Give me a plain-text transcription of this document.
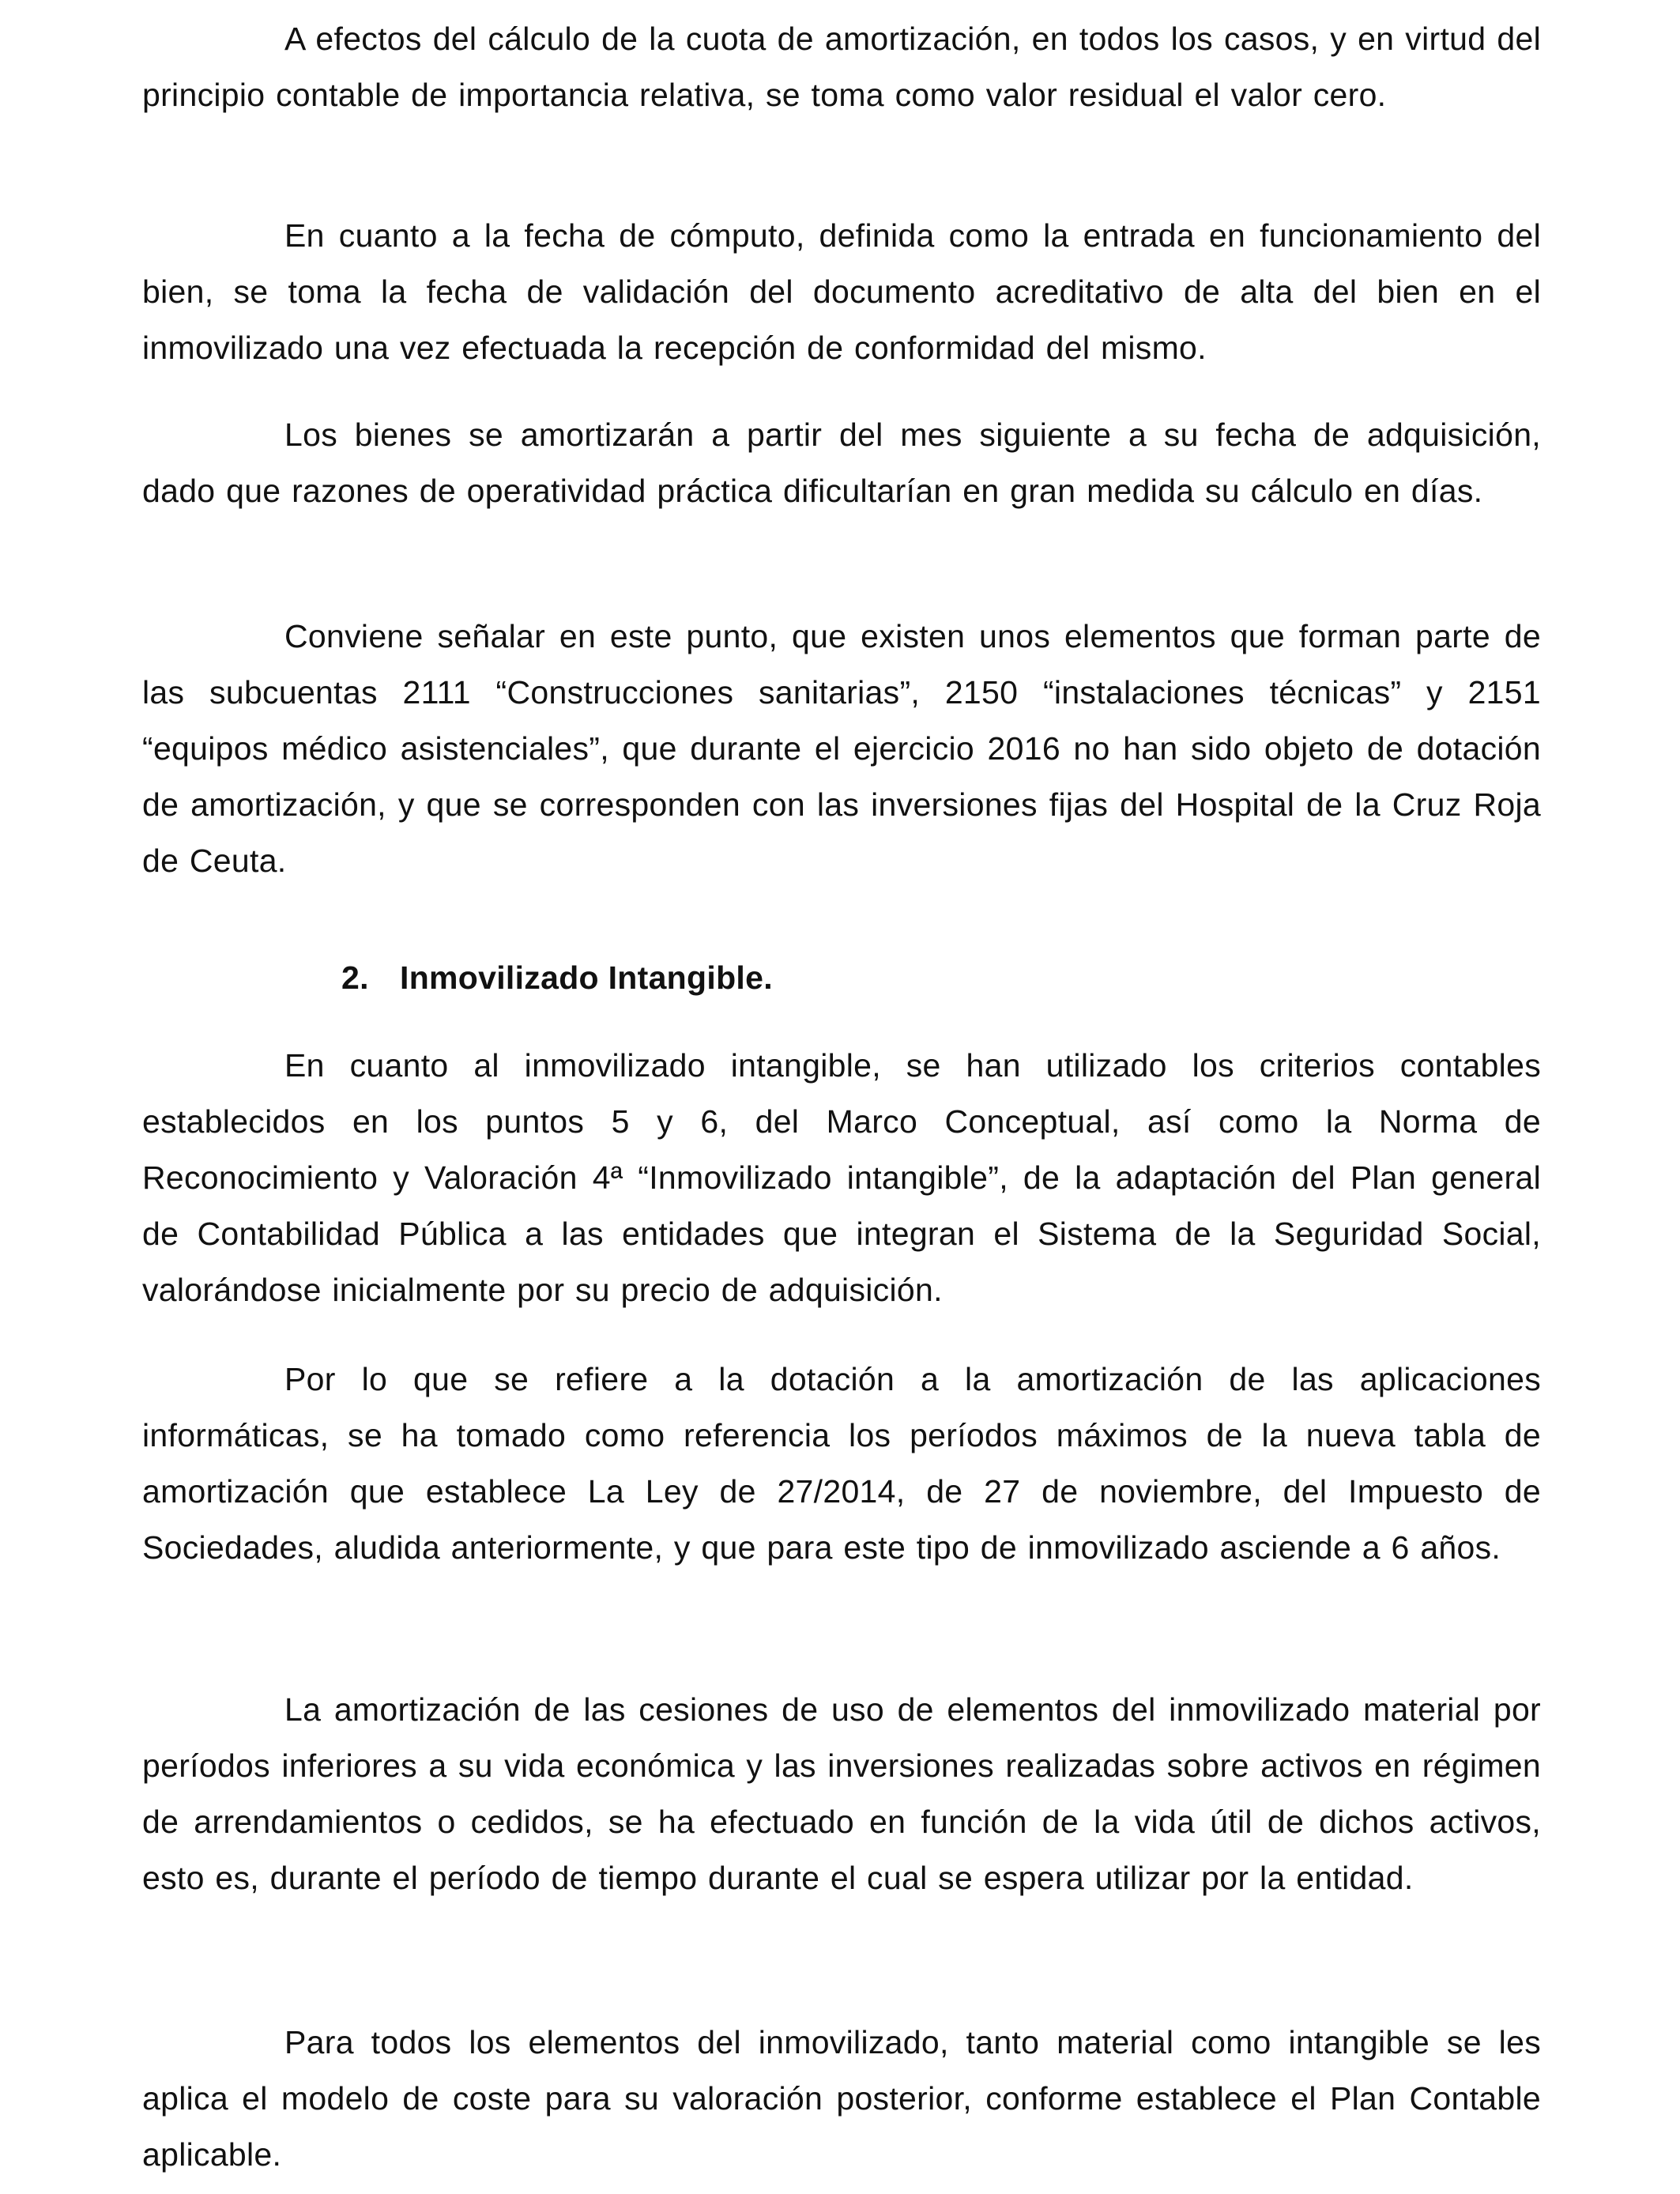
A efectos del cálculo de la cuota de amortización, en todos los casos, y en virtud del principio contable de importancia relativa, se toma como valor residual el valor cero.

En cuanto a la fecha de cómputo, definida como la entrada en funcionamiento del bien, se toma la fecha de validación del documento acreditativo de alta del bien en el inmovilizado una vez efectuada la recepción de conformidad del mismo.

Los bienes se amortizarán a partir del mes siguiente a su fecha de adquisición, dado que razones de operatividad práctica dificultarían en gran medida su cálculo en días.

Conviene señalar en este punto, que existen unos elementos que forman parte de las subcuentas 2111 “Construcciones sanitarias”, 2150 “instalaciones técnicas” y 2151 “equipos médico asistenciales”, que durante el ejercicio 2016 no han sido objeto de dotación de amortización, y que se corresponden con las inversiones fijas del Hospital de la Cruz Roja de Ceuta.

2. Inmovilizado Intangible.

En cuanto al inmovilizado intangible, se han utilizado los criterios contables establecidos en los puntos 5 y 6, del Marco Conceptual, así como la Norma de Reconocimiento y Valoración 4ª “Inmovilizado intangible”, de la adaptación del Plan general de Contabilidad Pública a las entidades que integran el Sistema de la Seguridad Social, valorándose inicialmente por su precio de adquisición.

Por lo que se refiere a la dotación a la amortización de las aplicaciones informáticas, se ha tomado como referencia los períodos máximos de la nueva tabla de amortización que establece La Ley de 27/2014, de 27 de noviembre, del Impuesto de Sociedades, aludida anteriormente, y que para este tipo de inmovilizado asciende a 6 años.

La amortización de las cesiones de uso de elementos del inmovilizado material por períodos inferiores a su vida económica y las inversiones realizadas sobre activos en régimen de arrendamientos o cedidos, se ha efectuado en función de la vida útil de dichos activos, esto es, durante el período de tiempo durante el cual se espera utilizar por la entidad.

Para todos los elementos del inmovilizado, tanto material como intangible se les aplica el modelo de coste para su valoración posterior, conforme establece el Plan Contable aplicable.
